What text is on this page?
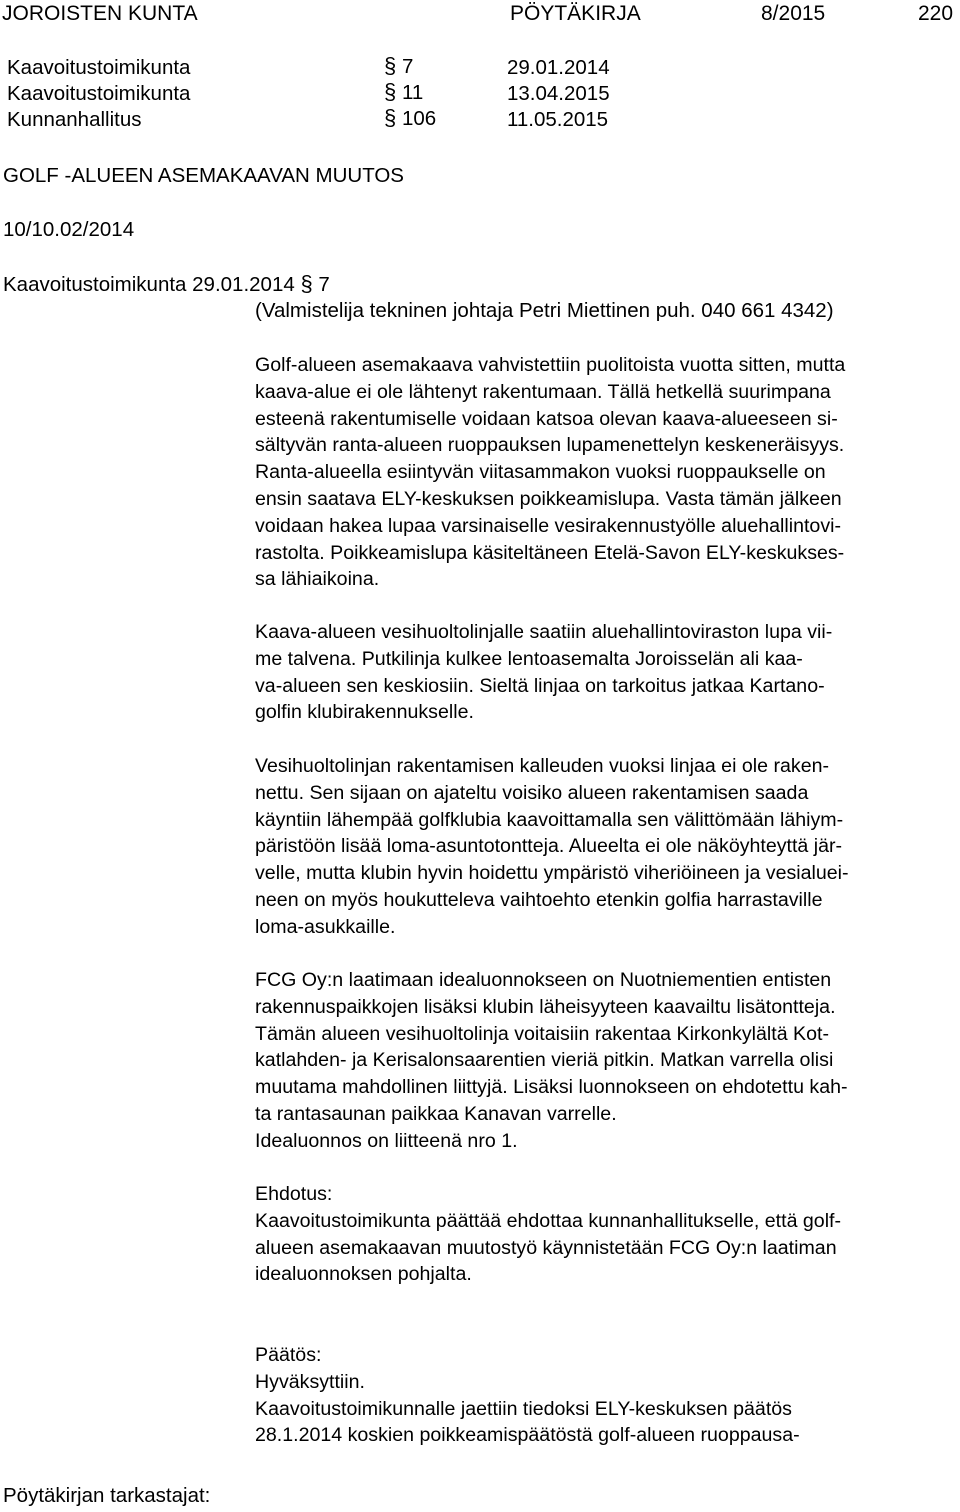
JOROISTEN KUNTA	PÖYTÄKIRJA	8/2015	220
Kaavoitustoimikunta	§ 7	29.01.2014
Kaavoitustoimikunta	§ 11	13.04.2015
Kunnanhallitus	§ 106	11.05.2015
GOLF -ALUEEN ASEMAKAAVAN MUUTOS
10/10.02/2014
Kaavoitustoimikunta 29.01.2014 § 7
(Valmistelija tekninen johtaja Petri Miettinen puh. 040 661 4342)
Golf-alueen asemakaava vahvistettiin puolitoista vuotta sitten, mutta
kaava-alue ei ole lähtenyt rakentumaan. Tällä hetkellä suurimpana
esteenä rakentumiselle voidaan katsoa olevan kaava-alueeseen si-
sältyvän ranta-alueen ruoppauksen lupamenettelyn keskeneräisyys.
Ranta-alueella esiintyvän viitasammakon vuoksi ruoppaukselle on
ensin saatava ELY-keskuksen poikkeamislupa. Vasta tämän jälkeen
voidaan hakea lupaa varsinaiselle vesirakennustyölle aluehallintovi-
rastolta. Poikkeamislupa käsiteltäneen Etelä-Savon ELY-keskukses-
sa lähiaikoina.
Kaava-alueen vesihuoltolinjalle saatiin aluehallintoviraston lupa vii-
me talvena. Putkilinja kulkee lentoasemalta Joroisselän ali kaa-
va-alueen sen keskiosiin. Sieltä linjaa on tarkoitus jatkaa Kartano-
golfin klubirakennukselle.
Vesihuoltolinjan rakentamisen kalleuden vuoksi linjaa ei ole raken-
nettu. Sen sijaan on ajateltu voisiko alueen rakentamisen saada
käyntiin lähempää golfklubia kaavoittamalla sen välittömään lähiym-
päristöön lisää loma-asuntotontteja. Alueelta ei ole näköyhteyttä jär-
velle, mutta klubin hyvin hoidettu ympäristö viheriöineen ja vesialuei-
neen on myös houkutteleva vaihtoehto etenkin golfia harrastaville
loma-asukkaille.
FCG Oy:n laatimaan idealuonnokseen on Nuotniementien entisten
rakennuspaikkojen lisäksi klubin läheisyyteen kaavailtu lisätontteja.
Tämän alueen vesihuoltolinja voitaisiin rakentaa Kirkonkylältä Kot-
katlahden- ja Kerisalonsaarentien vieriä pitkin. Matkan varrella olisi
muutama mahdollinen liittyjä. Lisäksi luonnokseen on ehdotettu kah-
ta rantasaunan paikkaa Kanavan varrelle.
Idealuonnos on liitteenä nro 1.
Ehdotus:
Kaavoitustoimikunta päättää ehdottaa kunnanhallitukselle, että golf-
alueen asemakaavan muutostyö käynnistetään FCG Oy:n laatiman
idealuonnoksen pohjalta.
Päätös:
Hyväksyttiin.
Kaavoitustoimikunnalle jaettiin tiedoksi ELY-keskuksen päätös
28.1.2014 koskien poikkeamispäätöstä golf-alueen ruoppausa-
Pöytäkirjan tarkastajat:
